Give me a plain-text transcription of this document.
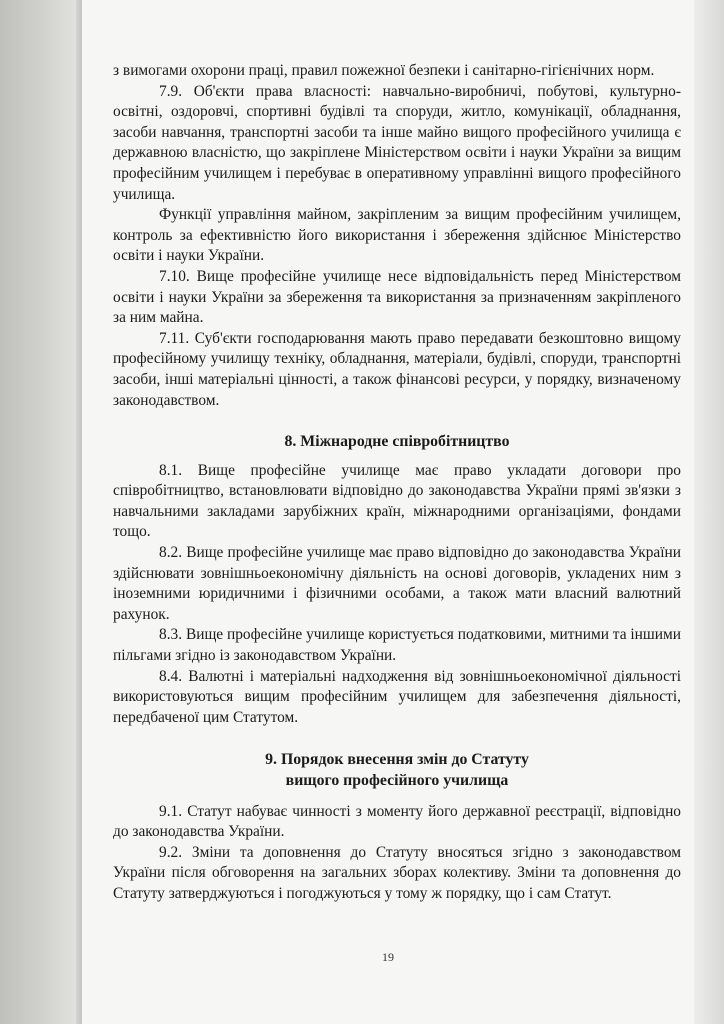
з вимогами охорони праці, правил пожежної безпеки і санітарно-гігієнічних норм.

7.9. Об'єкти права власності: навчально-виробничі, побутові, культурно-освітні, оздоровчі, спортивні будівлі та споруди, житло, комунікації, обладнання, засоби навчання, транспортні засоби та інше майно вищого професійного училища є державною власністю, що закріплене Міністерством освіти і науки України за вищим професійним училищем і перебуває в оперативному управлінні вищого професійного училища.

Функції управління майном, закріпленим за вищим професійним училищем, контроль за ефективністю його використання і збереження здійснює Міністерство освіти і науки України.

7.10. Вище професійне училище несе відповідальність перед Міністерством освіти і науки України за збереження та використання за призначенням закріпленого за ним майна.

7.11. Суб'єкти господарювання мають право передавати безкоштовно вищому професійному училищу техніку, обладнання, матеріали, будівлі, споруди, транспортні засоби, інші матеріальні цінності, а також фінансові ресурси, у порядку, визначеному законодавством.

8. Міжнародне співробітництво

8.1. Вище професійне училище має право укладати договори про співробітництво, встановлювати відповідно до законодавства України прямі зв'язки з навчальними закладами зарубіжних країн, міжнародними організаціями, фондами тощо.

8.2. Вище професійне училище має право відповідно до законодавства України здійснювати зовнішньоекономічну діяльність на основі договорів, укладених ним з іноземними юридичними і фізичними особами, а також мати власний валютний рахунок.

8.3. Вище професійне училище користується податковими, митними та іншими пільгами згідно із законодавством України.

8.4. Валютні і матеріальні надходження від зовнішньоекономічної діяльності використовуються вищим професійним училищем для забезпечення діяльності, передбаченої цим Статутом.

9. Порядок внесення змін до Статуту
вищого професійного училища

9.1. Статут набуває чинності з моменту його державної реєстрації, відповідно до законодавства України.

9.2. Зміни та доповнення до Статуту вносяться згідно з законодавством України після обговорення на загальних зборах колективу. Зміни та доповнення до Статуту затверджуються і погоджуються у тому ж порядку, що і сам Статут.

19
